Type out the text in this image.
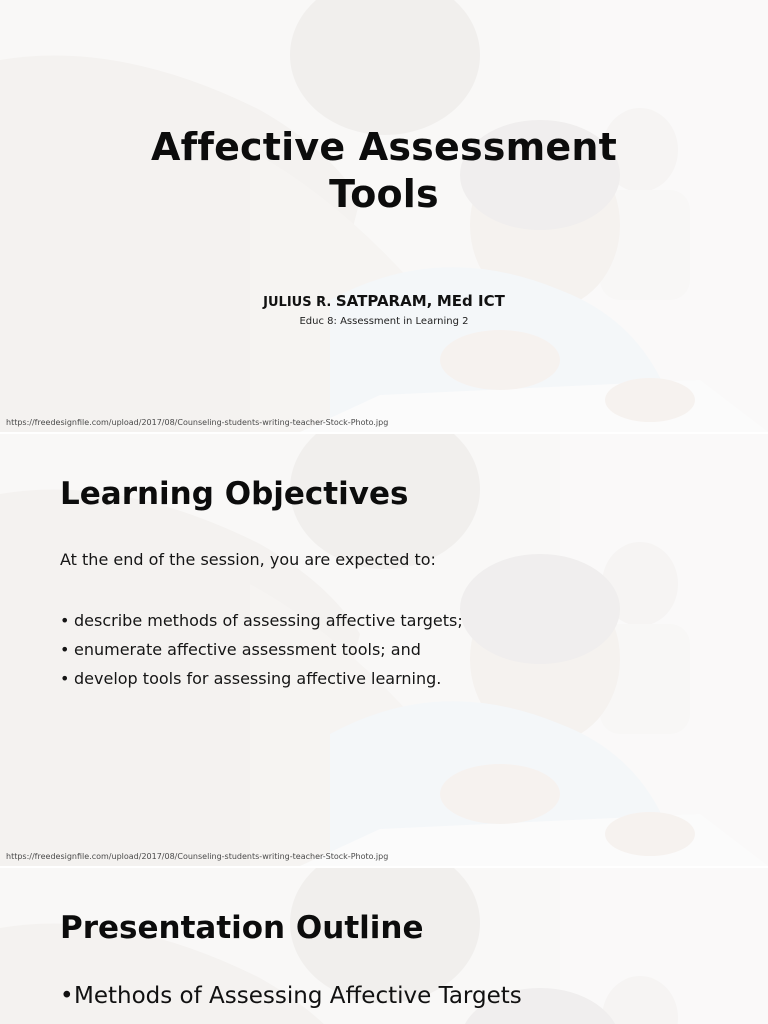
Affective Assessment
Tools
JULIUS R. SATPARAM, MEd ICT
Educ 8: Assessment in Learning 2
https://freedesignfile.com/upload/2017/08/Counseling-students-writing-teacher-Stock-Photo.jpg
Learning Objectives
At the end of the session, you are expected to:
• describe methods of assessing affective targets;
• enumerate affective assessment tools; and
• develop tools for assessing affective learning.
https://freedesignfile.com/upload/2017/08/Counseling-students-writing-teacher-Stock-Photo.jpg
Presentation Outline
•Methods of Assessing Affective Targets
